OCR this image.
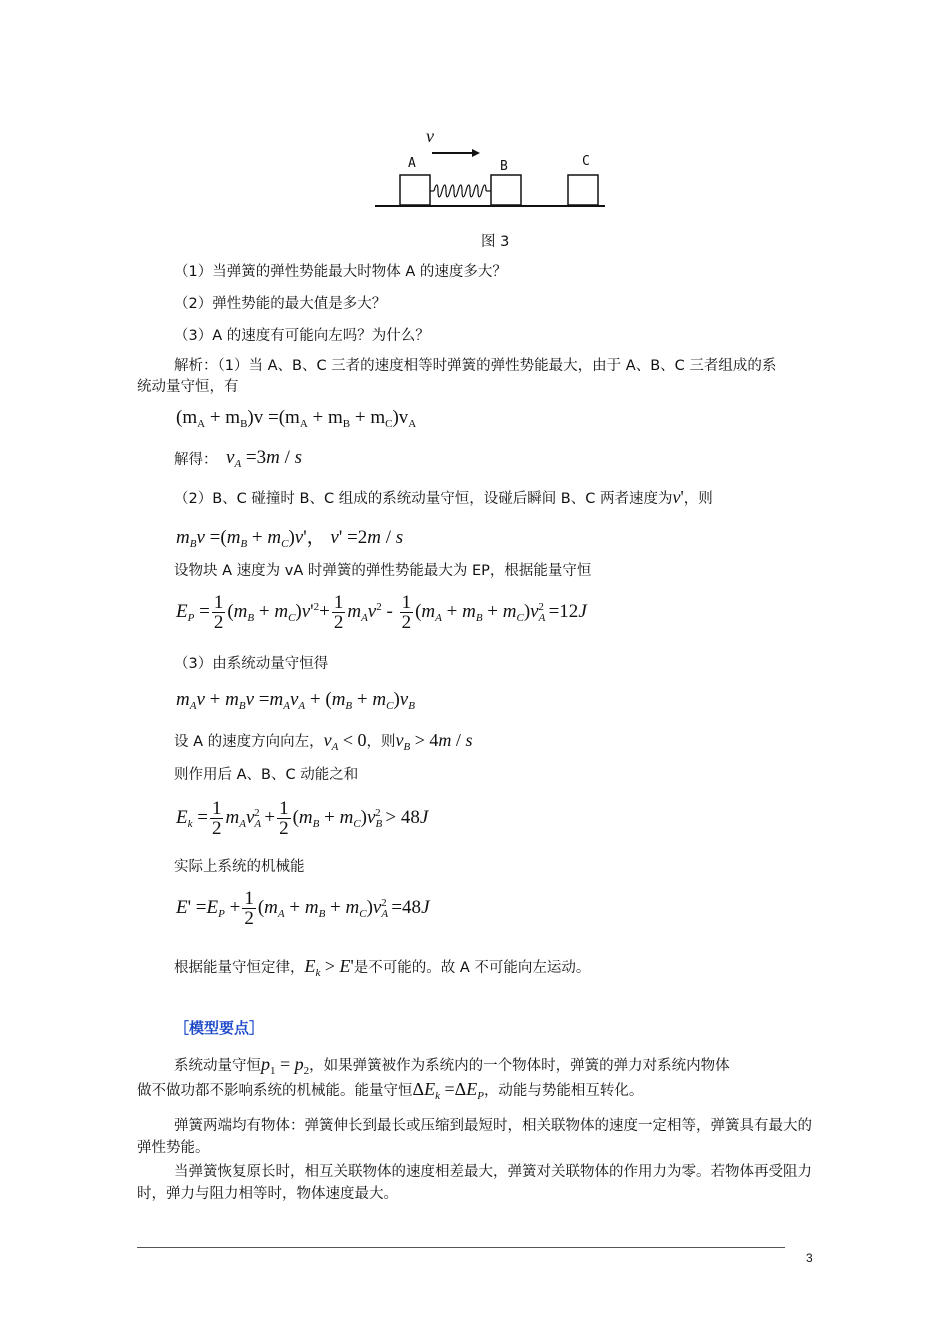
v
A	B	C
图 3
（1）当弹簧的弹性势能最大时物体 A 的速度多大？
（2）弹性势能的最大值是多大？
（3）A 的速度有可能向左吗？为什么？
解析：（1）当 A、B、C 三者的速度相等时弹簧的弹性势能最大，由于 A、B、C 三者组成的系
统动量守恒，有
$(m_A + m_B)v =(m_A + m_B + m_C)v_A$
解得： $v_A =3m / s$
（2）B、C 碰撞时 B、C 组成的系统动量守恒，设碰后瞬间 B、C 两者速度为v'，则
$m_Bv =(m_B + m_C)v'$， v' =2m / s
设物块 A 速度为 vA 时弹簧的弹性势能最大为 EP，根据能量守恒
$E_P = \frac{1}{2} (m_B + m_C)v'^2+ \frac{1}{2} m_Av^2 - \frac{1}{2} (m_A + m_B + m_C)v_A^2 =12J$
（3）由系统动量守恒得
$m_Av + m_Bv =m_Av_A + (m_B + m_C)v_B$
设 A 的速度方向向左，$v_A < 0$，则$v_B > 4m / s$
则作用后 A、B、C 动能之和
$E_k = \frac{1}{2} m_Av_A^2 + \frac{1}{2} (m_B + m_C)v_B^2 > 48J$
实际上系统的机械能
$E' =E_P + \frac{1}{2} (m_A + m_B + m_C)v_A^2 =48J$
根据能量守恒定律，$E_k > E'$是不可能的。故 A 不可能向左运动。
［模型要点］
系统动量守恒$p_1 = p_2$，如果弹簧被作为系统内的一个物体时，弹簧的弹力对系统内物体
做不做功都不影响系统的机械能。能量守恒$\Delta E_k =\Delta E_P$，动能与势能相互转化。
弹簧两端均有物体：弹簧伸长到最长或压缩到最短时，相关联物体的速度一定相等，弹簧具有最大的弹性势能。
当弹簧恢复原长时，相互关联物体的速度相差最大，弹簧对关联物体的作用力为零。若物体再受阻力时，弹力与阻力相等时，物体速度最大。
3
